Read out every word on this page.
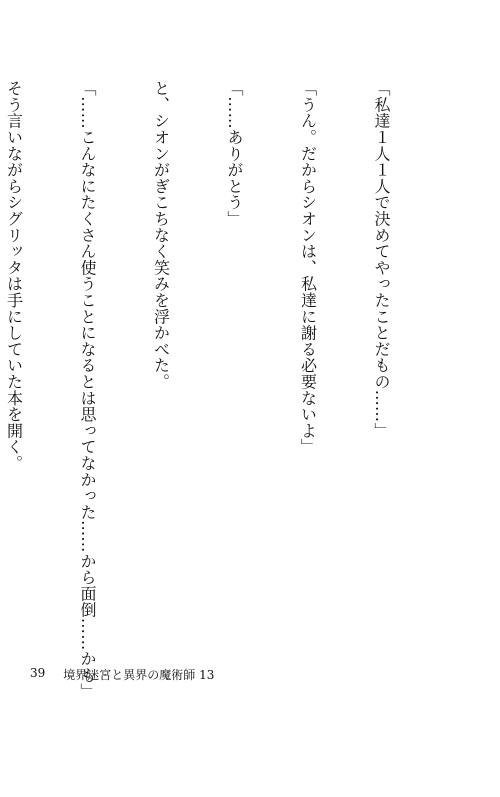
「私達１人１人で決めてやったことだもの……」

「うん。だからシオンは、私達に謝る必要ないよ」

「……ありがとう」

と、シオンがぎこちなく笑みを浮かべた。

「……こんなにたくさん使うことになるとは思ってなかった……から面倒……かも」

そう言いながらシグリッタは手にしていた本を開く。

39 境界迷宮と異界の魔術師 13
